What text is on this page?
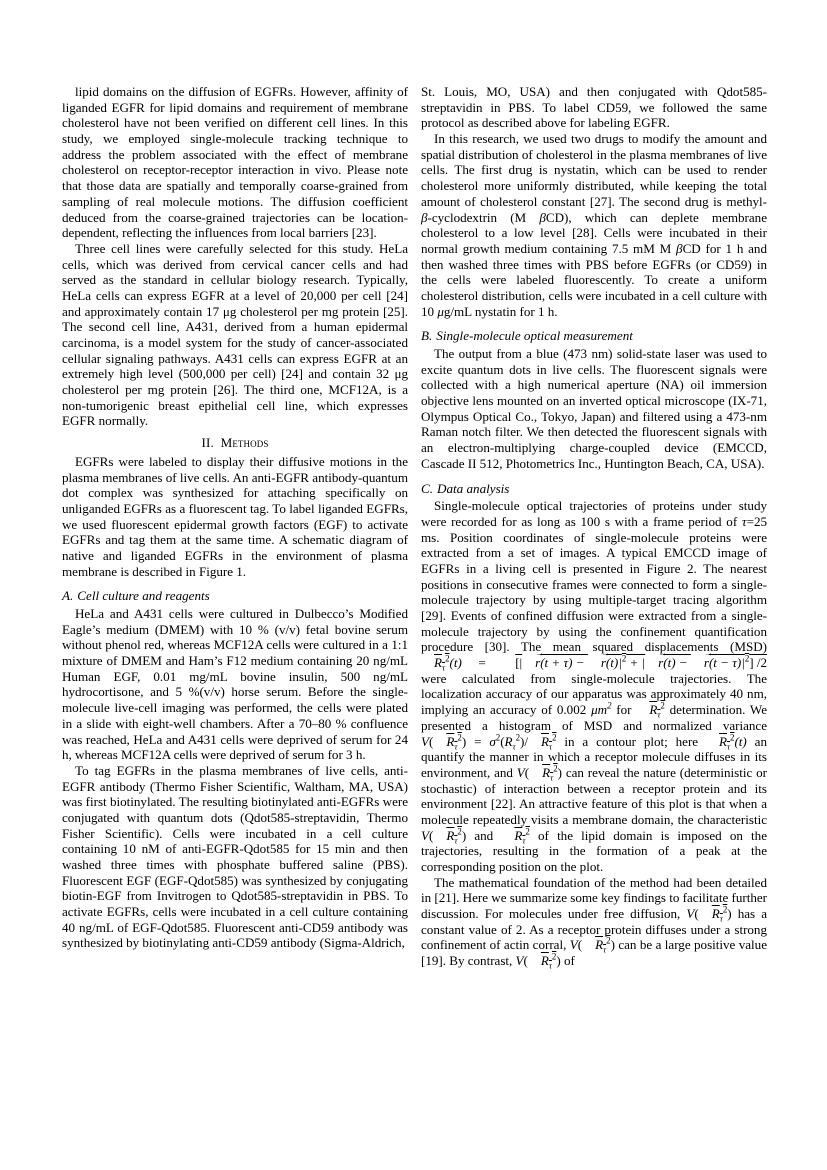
lipid domains on the diffusion of EGFRs. However, affinity of liganded EGFR for lipid domains and requirement of membrane cholesterol have not been verified on different cell lines. In this study, we employed single-molecule tracking technique to address the problem associated with the effect of membrane cholesterol on receptor-receptor interaction in vivo. Please note that those data are spatially and temporally coarse-grained from sampling of real molecule motions. The diffusion coefficient deduced from the coarse-grained trajectories can be location-dependent, reflecting the influences from local barriers [23].

Three cell lines were carefully selected for this study. HeLa cells, which was derived from cervical cancer cells and had served as the standard in cellular biology research. Typically, HeLa cells can express EGFR at a level of 20,000 per cell [24] and approximately contain 17 μg cholesterol per mg protein [25]. The second cell line, A431, derived from a human epidermal carcinoma, is a model system for the study of cancer-associated cellular signaling pathways. A431 cells can express EGFR at an extremely high level (500,000 per cell) [24] and contain 32 μg cholesterol per mg protein [26]. The third one, MCF12A, is a non-tumorigenic breast epithelial cell line, which expresses EGFR normally.

II. Methods

EGFRs were labeled to display their diffusive motions in the plasma membranes of live cells. An anti-EGFR antibody-quantum dot complex was synthesized for attaching specifically on unliganded EGFRs as a fluorescent tag. To label liganded EGFRs, we used fluorescent epidermal growth factors (EGF) to activate EGFRs and tag them at the same time. A schematic diagram of native and liganded EGFRs in the environment of plasma membrane is described in Figure 1.

A. Cell culture and reagents

HeLa and A431 cells were cultured in Dulbecco’s Modified Eagle’s medium (DMEM) with 10 % (v/v) fetal bovine serum without phenol red, whereas MCF12A cells were cultured in a 1:1 mixture of DMEM and Ham’s F12 medium containing 20 ng/mL Human EGF, 0.01 mg/mL bovine insulin, 500 ng/mL hydrocortisone, and 5 %(v/v) horse serum. Before the single-molecule live-cell imaging was performed, the cells were plated in a slide with eight-well chambers. After a 70–80 % confluence was reached, HeLa and A431 cells were deprived of serum for 24 h, whereas MCF12A cells were deprived of serum for 3 h.

To tag EGFRs in the plasma membranes of live cells, anti-EGFR antibody (Thermo Fisher Scientific, Waltham, MA, USA) was first biotinylated. The resulting biotinylated anti-EGFRs were conjugated with quantum dots (Qdot585-streptavidin, Thermo Fisher Scientific). Cells were incubated in a cell culture containing 10 nM of anti-EGFR-Qdot585 for 15 min and then washed three times with phosphate buffered saline (PBS). Fluorescent EGF (EGF-Qdot585) was synthesized by conjugating biotin-EGF from Invitrogen to Qdot585-streptavidin in PBS. To activate EGFRs, cells were incubated in a cell culture containing 40 ng/mL of EGF-Qdot585. Fluorescent anti-CD59 antibody was synthesized by biotinylating anti-CD59 antibody (Sigma-Aldrich,

St. Louis, MO, USA) and then conjugated with Qdot585-streptavidin in PBS. To label CD59, we followed the same protocol as described above for labeling EGFR.

In this research, we used two drugs to modify the amount and spatial distribution of cholesterol in the plasma membranes of live cells. The first drug is nystatin, which can be used to render cholesterol more uniformly distributed, while keeping the total amount of cholesterol constant [27]. The second drug is methyl- β-cyclodextrin (M βCD), which can deplete membrane cholesterol to a low level [28]. Cells were incubated in their normal growth medium containing 7.5 mM M βCD for 1 h and then washed three times with PBS before EGFRs (or CD59) in the cells were labeled fluorescently. To create a uniform cholesterol distribution, cells were incubated in a cell culture with 10 μg/mL nystatin for 1 h.

B. Single-molecule optical measurement

The output from a blue (473 nm) solid-state laser was used to excite quantum dots in live cells. The fluorescent signals were collected with a high numerical aperture (NA) oil immersion objective lens mounted on an inverted optical microscope (IX-71, Olympus Optical Co., Tokyo, Japan) and filtered using a 473-nm Raman notch filter. We then detected the fluorescent signals with an electron-multiplying charge-coupled device (EMCCD, Cascade II 512, Photometrics Inc., Huntington Beach, CA, USA).

C. Data analysis

Single-molecule optical trajectories of proteins under study were recorded for as long as 100 s with a frame period of τ=25 ms. Position coordinates of single-molecule proteins were extracted from a set of images. A typical EMCCD image of EGFRs in a living cell is presented in Figure 2. The nearest positions in consecutive frames were connected to form a single-molecule trajectory by using multiple-target tracing algorithm [29]. Events of confined diffusion were extracted from a single-molecule trajectory by using the confinement quantification procedure [30]. The mean squared displacements (MSD) $R_\tau^2(t)$ = [| $r \to(t + \tau) - r \to(t)|^2$ + | $r \to(t) - r \to(t - \tau)|^2$] /2 were calculated from single-molecule trajectories. The localization accuracy of our apparatus was approximately 40 nm, implying an accuracy of 0.002 $\mu m^2$ for $R_\tau^2$ determination. We presented a histogram of MSD and normalized variance V( $R_\tau^2) = \sigma^2(R_\tau^2)/$ $R_\tau^2$ in a contour plot; here $R_\tau^2(t)$ an quantify the manner in which a receptor molecule diffuses in its environment, and V( $R_\tau^2$) can reveal the nature (deterministic or stochastic) of interaction between a receptor protein and its environment [22]. An attractive feature of this plot is that when a molecule repeatedly visits a membrane domain, the characteristic V( $R_\tau^2$) and $R_\tau^2$ of the lipid domain is imposed on the trajectories, resulting in the formation of a peak at the corresponding position on the plot.

The mathematical foundation of the method had been detailed in [21]. Here we summarize some key findings to facilitate further discussion. For molecules under free diffusion, V( $R_\tau^2$) has a constant value of 2. As a receptor protein diffuses under a strong confinement of actin corral, V( $R_\tau^2$) can be a large positive value [19]. By contrast, V( $R_\tau^2$) of
